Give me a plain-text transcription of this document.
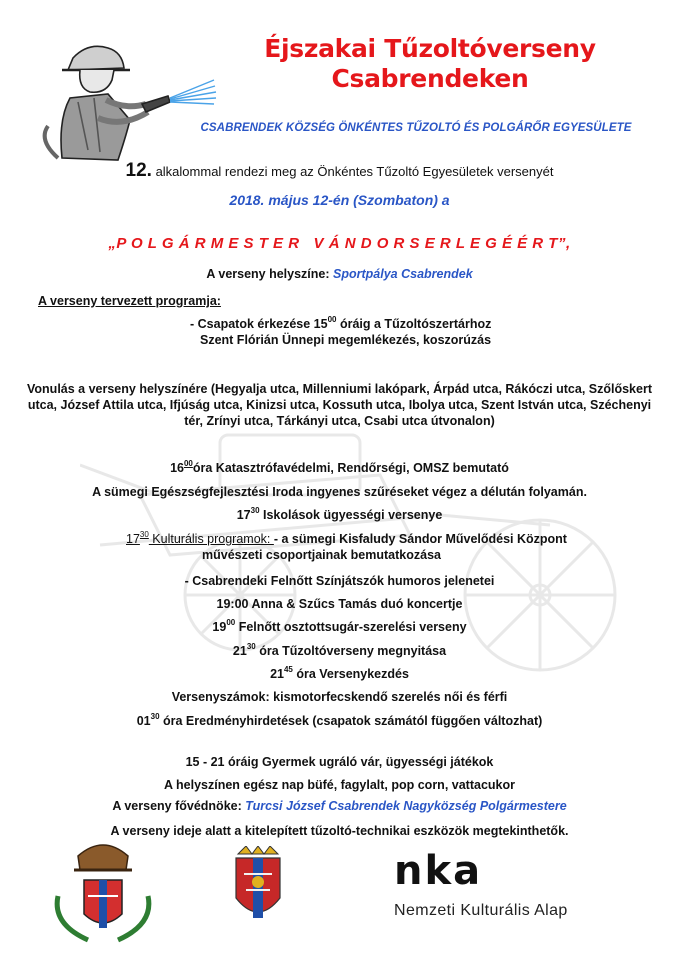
Éjszakai Tűzoltóverseny
Csabrendeken
CSABRENDEK KÖZSÉG ÖNKÉNTES TŰZOLTÓ ÉS POLGÁRŐR EGYESÜLETE
12. alkalommal rendezi meg az Önkéntes Tűzoltó Egyesületek versenyét
2018. május 12-én (Szombaton) a
„P O L G Á R M E S T E R   V Á N D O R S E R L E G É É R T”,
A verseny helyszíne: Sportpálya Csabrendek
A verseny tervezett programja:
- Csapatok érkezése $15^{00}$ óráig a Tűzoltószertárhoz
Szent Flórián Ünnepi megemlékezés, koszorúzás
Vonulás a verseny helyszínére (Hegyalja utca, Millenniumi lakópark, Árpád utca, Rákóczi utca, Szőlőskert
utca, József Attila utca, Ifjúság utca, Kinizsi utca, Kossuth utca, Ibolya utca, Szent István utca, Széchenyi
tér, Zrínyi utca, Tárkányi utca, Csabi utca útvonalon)
$16^{00}óra$ Katasztrófavédelmi, Rendőrségi, OMSZ bemutató
A sümegi Egészségfejlesztési Iroda ingyenes szűréseket végez a délután folyamán.
$17^{30}$ Iskolások ügyességi versenye
$17^{30}$ Kulturális programok: - a sümegi Kisfaludy Sándor Művelődési Központ
művészeti csoportjainak bemutatkozása
- Csabrendeki Felnőtt Színjátszók humoros jelenetei
19:00 Anna & Szűcs Tamás duó koncertje
$19^{00}$ Felnőtt osztottsugár-szerelési verseny
$21^{30}$ óra Tűzoltóverseny megnyitása
$21^{45}$ óra Versenykezdés
Versenyszámok: kismotorfecskendő szerelés női és férfi
$01^{30}$ óra Eredményhirdetések (csapatok számától függően változhat)
15 - 21 óráig Gyermek ugráló vár, ügyességi játékok
A helyszínen egész nap büfé, fagylalt, pop corn, vattacukor
A verseny fővédnöke: Turcsi József Csabrendek Nagyközség Polgármestere
A verseny ideje alatt a kitelepített tűzoltó-technikai eszközök megtekinthetők.
nka
Nemzeti Kulturális Alap
